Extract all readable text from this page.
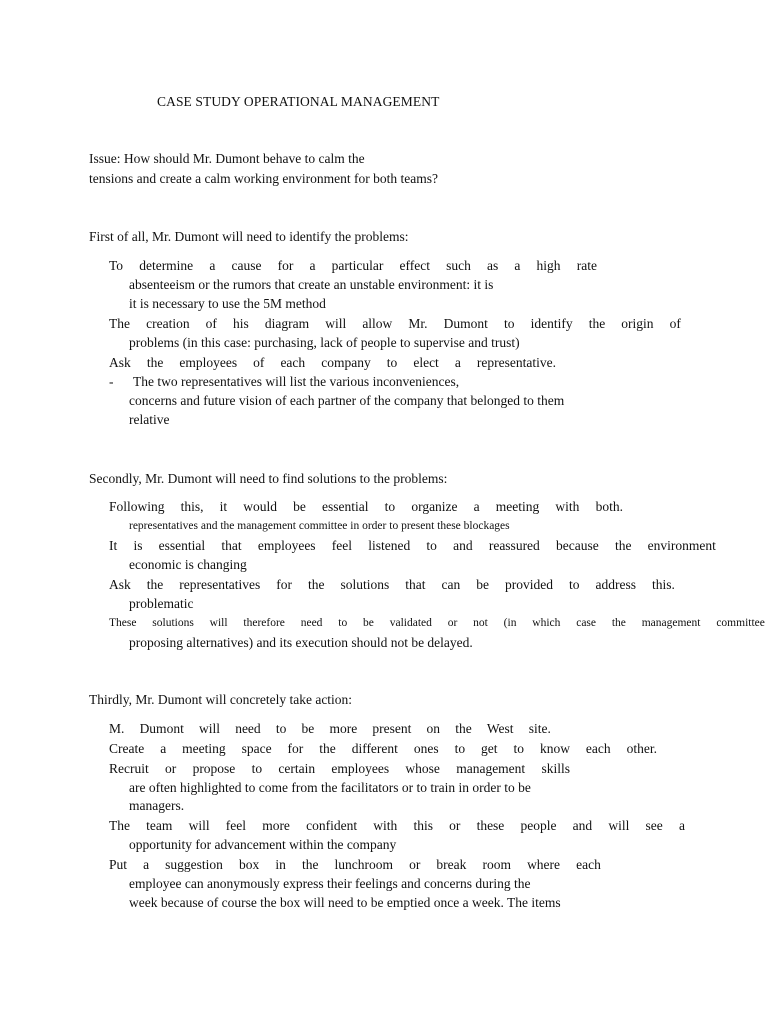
CASE STUDY OPERATIONAL MANAGEMENT
Issue: How should Mr. Dumont behave to calm the
tensions and create a calm working environment for both teams?
First of all, Mr. Dumont will need to identify the problems:
To determine a cause for a particular effect such as a high rate
absenteeism or the rumors that create an unstable environment: it is
it is necessary to use the 5M method
The creation of his diagram will allow Mr. Dumont to identify the origin of
problems (in this case: purchasing, lack of people to supervise and trust)
Ask the employees of each company to elect a representative.
- The two representatives will list the various inconveniences,
concerns and future vision of each partner of the company that belonged to them
relative
Secondly, Mr. Dumont will need to find solutions to the problems:
Following this, it would be essential to organize a meeting with both.
representatives and the management committee in order to present these blockages
It is essential that employees feel listened to and reassured because the environment
economic is changing
Ask the representatives for the solutions that can be provided to address this.
problematic
These solutions will therefore need to be validated or not (in which case the management committee
proposing alternatives) and its execution should not be delayed.
Thirdly, Mr. Dumont will concretely take action:
M. Dumont will need to be more present on the West site.
Create a meeting space for the different ones to get to know each other.
Recruit or propose to certain employees whose management skills
are often highlighted to come from the facilitators or to train in order to be
managers.
The team will feel more confident with this or these people and will see a
opportunity for advancement within the company
Put a suggestion box in the lunchroom or break room where each
employee can anonymously express their feelings and concerns during the
week because of course the box will need to be emptied once a week. The items
